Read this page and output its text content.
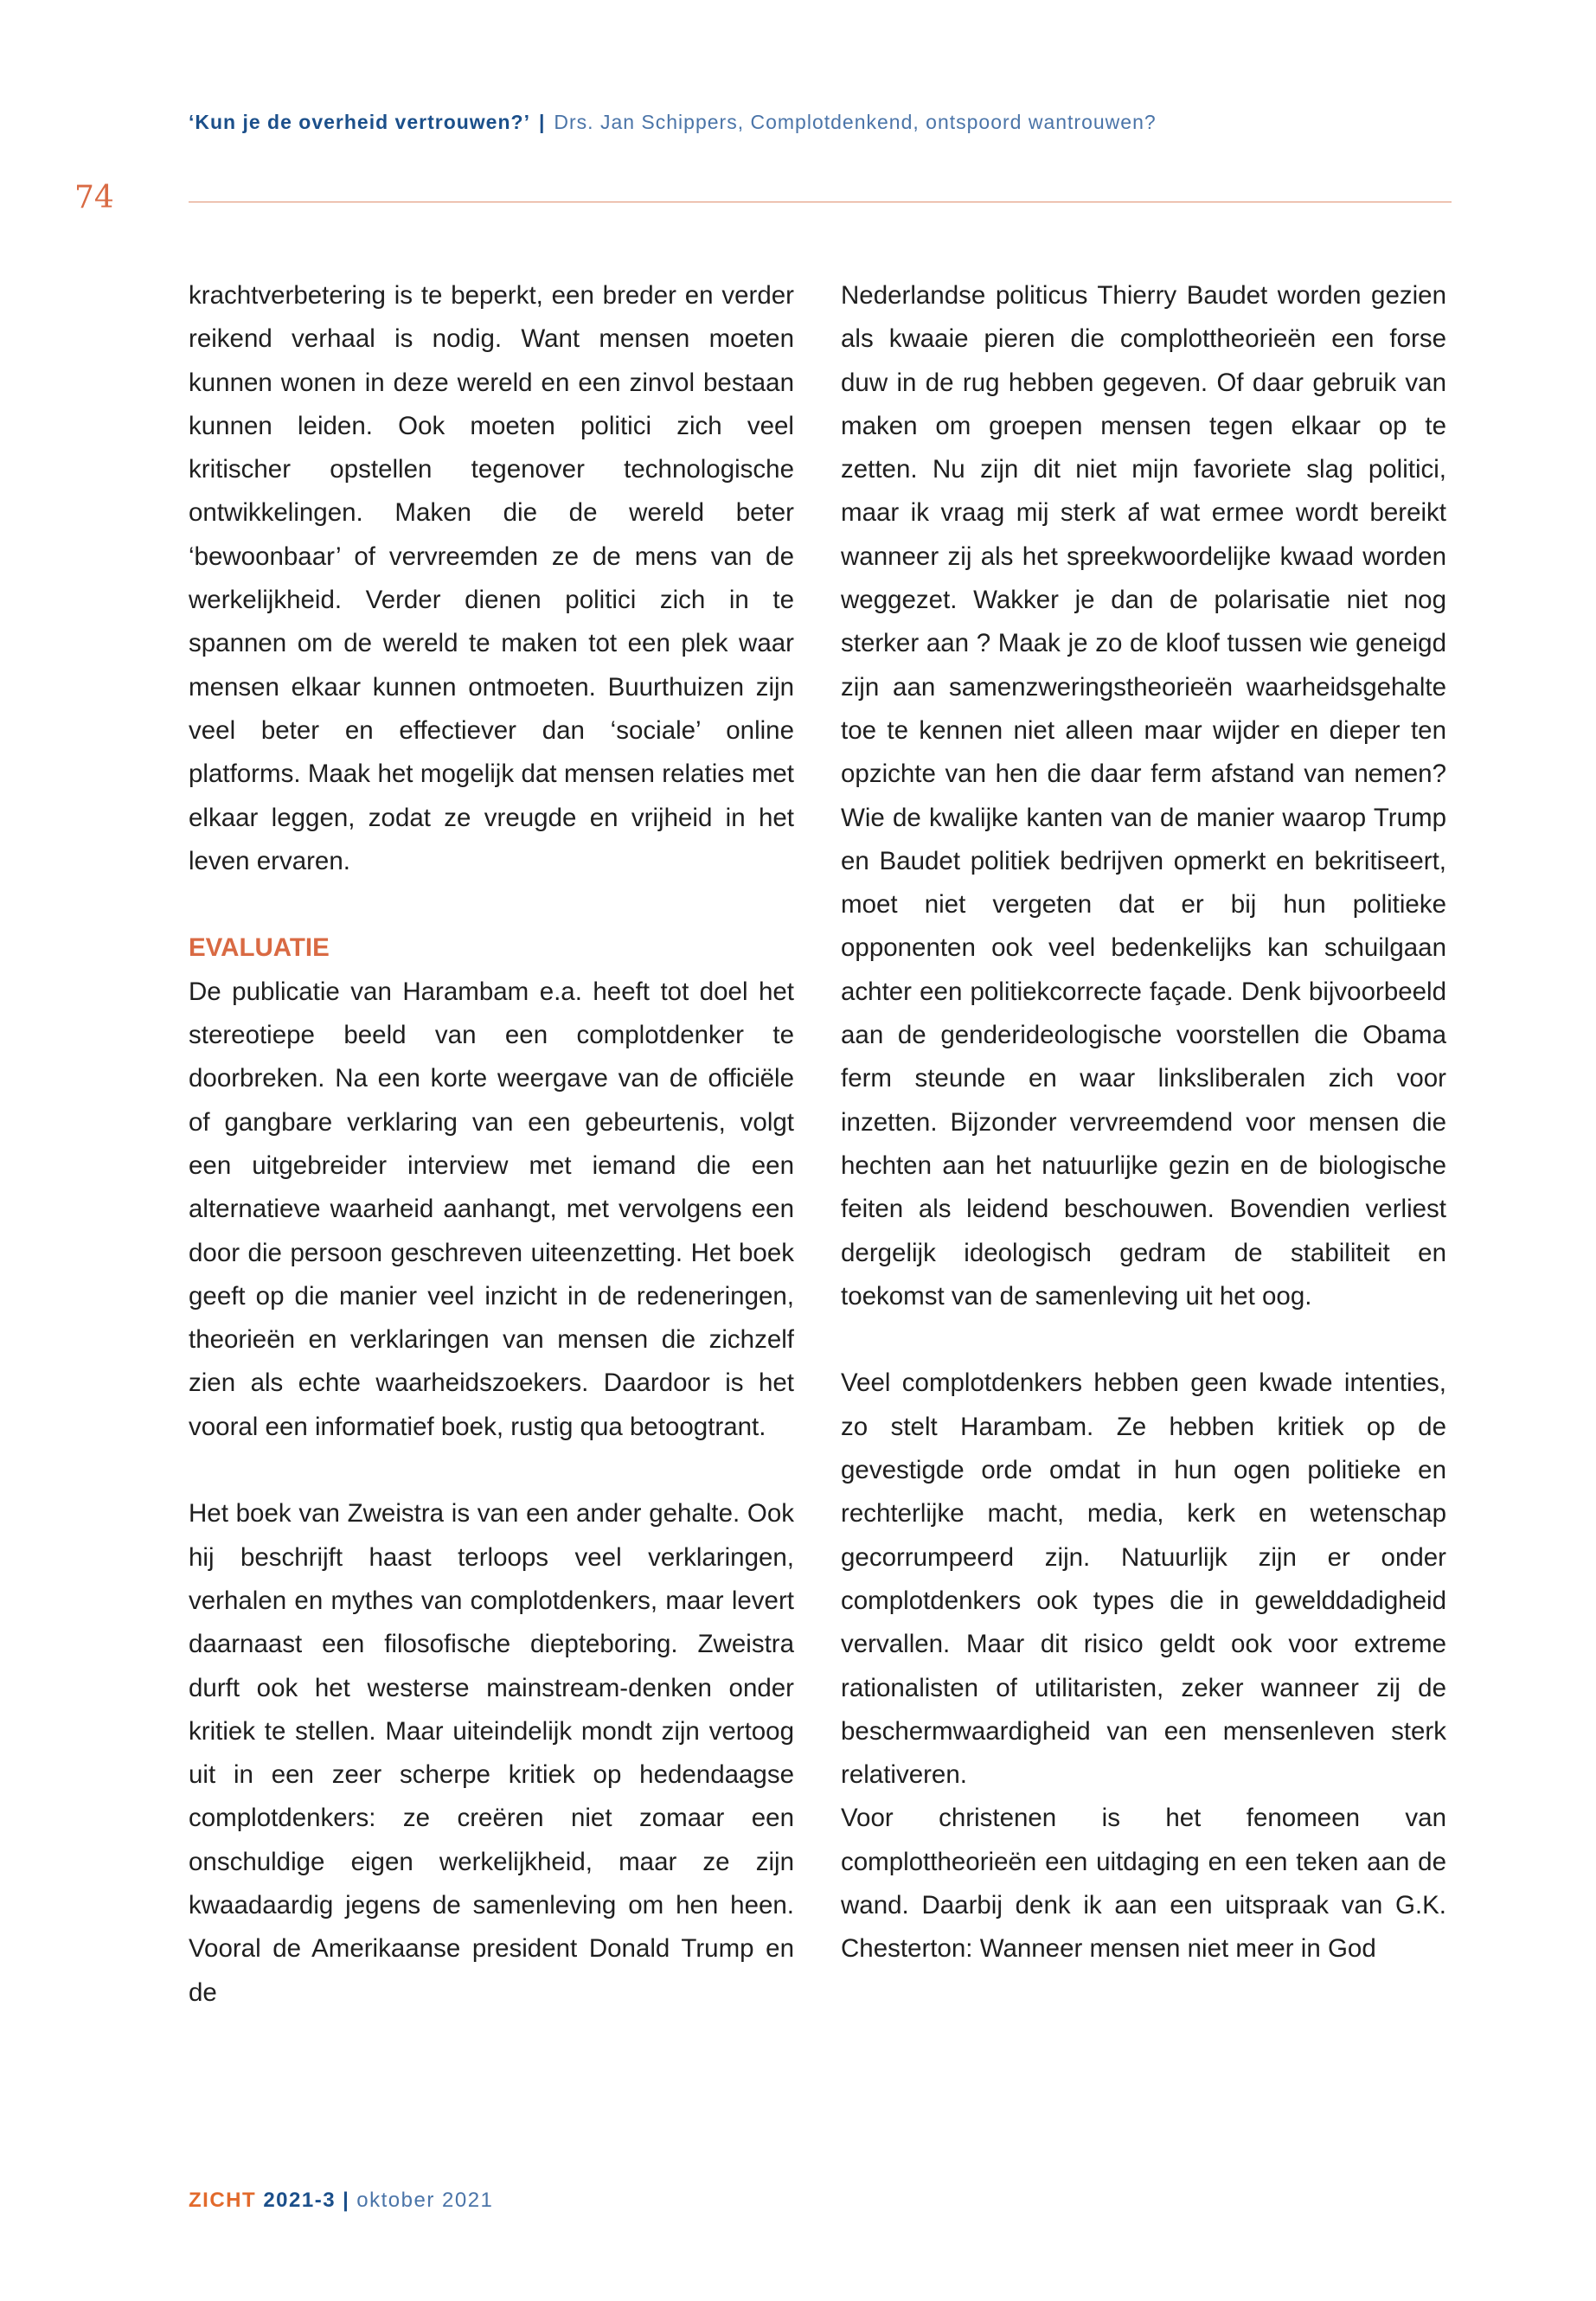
‘Kun je de overheid vertrouwen?’ | Drs. Jan Schippers, Complotdenkend, ontspoord wantrouwen?
74

krachtverbetering is te beperkt, een breder en verder reikend verhaal is nodig. Want mensen moeten kunnen wonen in deze wereld en een zinvol bestaan kunnen leiden. Ook moeten politici zich veel kritischer opstellen tegenover technologische ontwikkelingen. Maken die de wereld beter ‘bewoonbaar’ of vervreemden ze de mens van de werkelijkheid. Verder dienen politici zich in te spannen om de wereld te maken tot een plek waar mensen elkaar kunnen ontmoeten. Buurthuizen zijn veel beter en effectiever dan ‘sociale’ online platforms. Maak het mogelijk dat mensen relaties met elkaar leggen, zodat ze vreugde en vrijheid in het leven ervaren.

EVALUATIE

De publicatie van Harambam e.a. heeft tot doel het stereotiepe beeld van een complotdenker te doorbreken. Na een korte weergave van de officiële of gangbare verklaring van een gebeurtenis, volgt een uitgebreider interview met iemand die een alternatieve waarheid aanhangt, met vervolgens een door die persoon geschreven uiteenzetting. Het boek geeft op die manier veel inzicht in de redeneringen, theorieën en verklaringen van mensen die zichzelf zien als echte waarheidszoekers. Daardoor is het vooral een informatief boek, rustig qua betoogtrant.

Het boek van Zweistra is van een ander gehalte. Ook hij beschrijft haast terloops veel verklaringen, verhalen en mythes van complotdenkers, maar levert daarnaast een filosofische diepteboring. Zweistra durft ook het westerse mainstream-denken onder kritiek te stellen. Maar uiteindelijk mondt zijn vertoog uit in een zeer scherpe kritiek op hedendaagse complotdenkers: ze creëren niet zomaar een onschuldige eigen werkelijkheid, maar ze zijn kwaadaardig jegens de samenleving om hen heen. Vooral de Amerikaanse president Donald Trump en de

Nederlandse politicus Thierry Baudet worden gezien als kwaaie pieren die complottheorieën een forse duw in de rug hebben gegeven. Of daar gebruik van maken om groepen mensen tegen elkaar op te zetten. Nu zijn dit niet mijn favoriete slag politici, maar ik vraag mij sterk af wat ermee wordt bereikt wanneer zij als het spreekwoordelijke kwaad worden weggezet. Wakker je dan de polarisatie niet nog sterker aan ? Maak je zo de kloof tussen wie geneigd zijn aan samenzweringstheorieën waarheidsgehalte toe te kennen niet alleen maar wijder en dieper ten opzichte van hen die daar ferm afstand van nemen? Wie de kwalijke kanten van de manier waarop Trump en Baudet politiek bedrijven opmerkt en bekritiseert, moet niet vergeten dat er bij hun politieke opponenten ook veel bedenkelijks kan schuilgaan achter een politiekcorrecte façade. Denk bijvoorbeeld aan de genderideologische voorstellen die Obama ferm steunde en waar linksliberalen zich voor inzetten. Bijzonder vervreemdend voor mensen die hechten aan het natuurlijke gezin en de biologische feiten als leidend beschouwen. Bovendien verliest dergelijk ideologisch gedram de stabiliteit en toekomst van de samenleving uit het oog.

Veel complotdenkers hebben geen kwade intenties, zo stelt Harambam. Ze hebben kritiek op de gevestigde orde omdat in hun ogen politieke en rechterlijke macht, media, kerk en wetenschap gecorrumpeerd zijn. Natuurlijk zijn er onder complotdenkers ook types die in gewelddadigheid vervallen. Maar dit risico geldt ook voor extreme rationalisten of utilitaristen, zeker wanneer zij de beschermwaardigheid van een mensenleven sterk relativeren.

Voor christenen is het fenomeen van complottheorieën een uitdaging en een teken aan de wand. Daarbij denk ik aan een uitspraak van G.K. Chesterton: Wanneer mensen niet meer in God

ZICHT 2021-3 | oktober 2021
